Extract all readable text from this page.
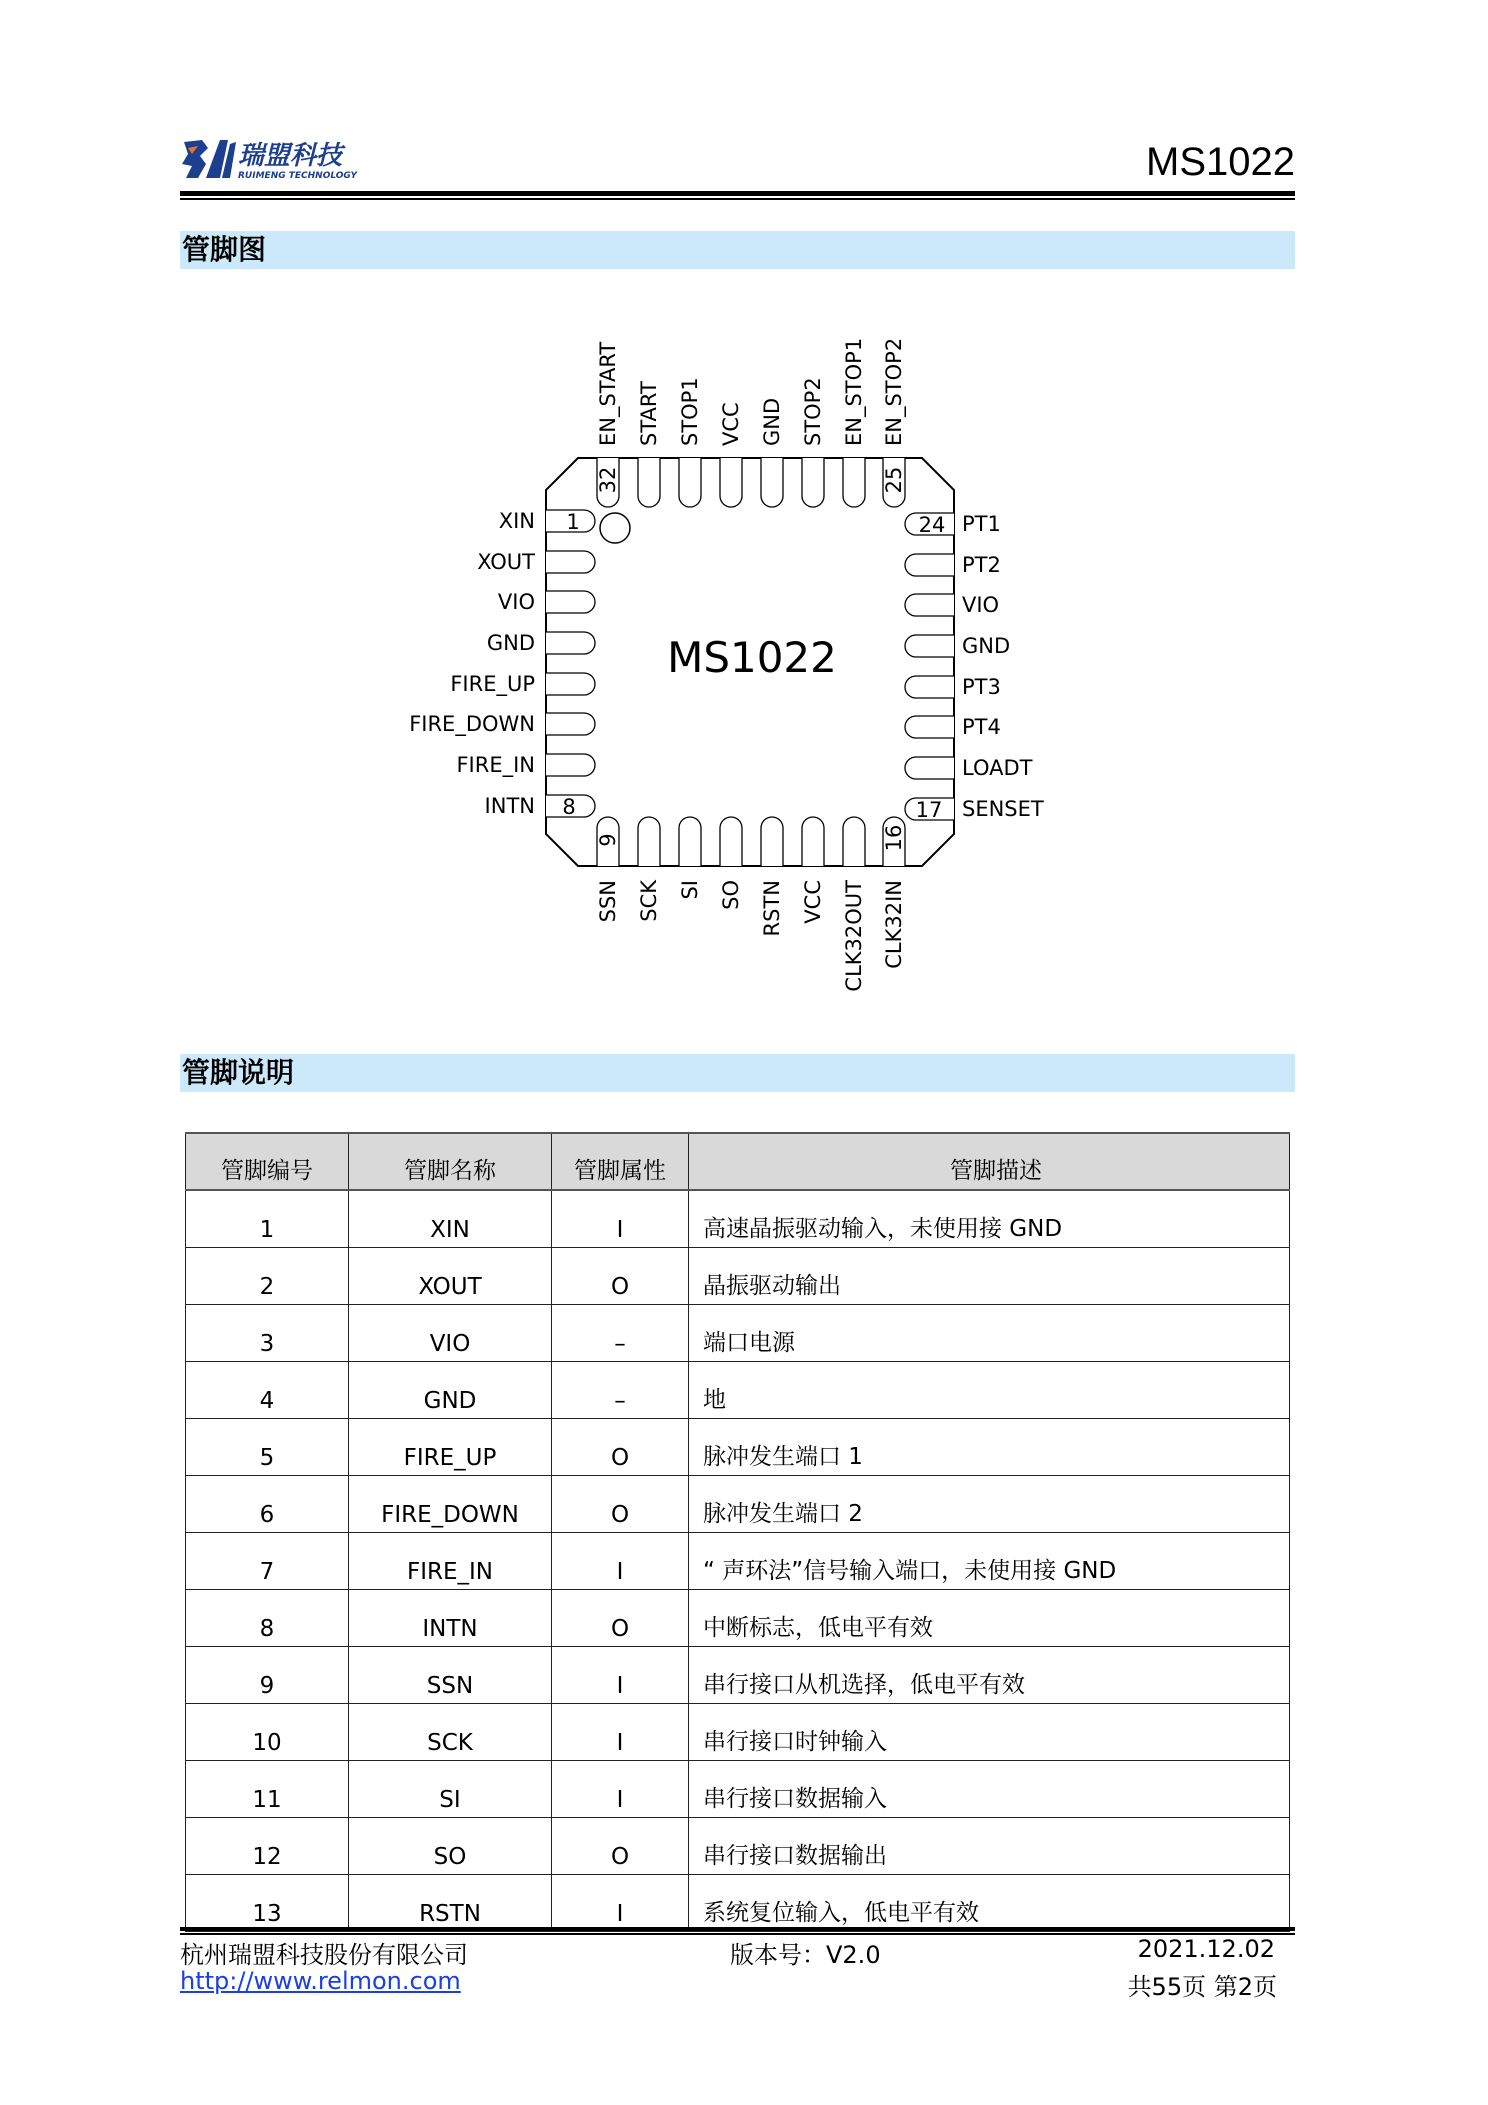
瑞盟科技
RUIMENG TECHNOLOGY	MS1022
管脚图
MS1022
XIN	PT1
XOUT	PT2
VIO	VIO
GND	GND
FIRE_UP	PT3
FIRE_DOWN	PT4
FIRE_IN	LOADT
INTN	SENSET
EN_START
SSN
START
SCK
STOP1
SI
VCC
SO
GND
RSTN
STOP2
VCC
EN_STOP1
CLK32OUT
EN_STOP2
CLK32IN
1
8
9	16
17
24
25
32
管脚说明
管脚编号	管脚名称	管脚属性	管脚描述
1	XIN	I	高速晶振驱动输入，未使用接 GND
2	XOUT	O	晶振驱动输出
3	VIO	–	端口电源
4	GND	–	地
5	FIRE_UP	O	脉冲发生端口 1
6	FIRE_DOWN	O	脉冲发生端口 2
7	FIRE_IN	I	“ 声环法”信号输入端口，未使用接 GND
8	INTN	O	中断标志，低电平有效
9	SSN	I	串行接口从机选择，低电平有效
10	SCK	I	串行接口时钟输入
11	SI	I	串行接口数据输入
12	SO	O	串行接口数据输出
13	RSTN	I	系统复位输入，低电平有效
杭州瑞盟科技股份有限公司	版本号：V2.0	2021.12.02
http://www.relmon.com	共55页 第2页
